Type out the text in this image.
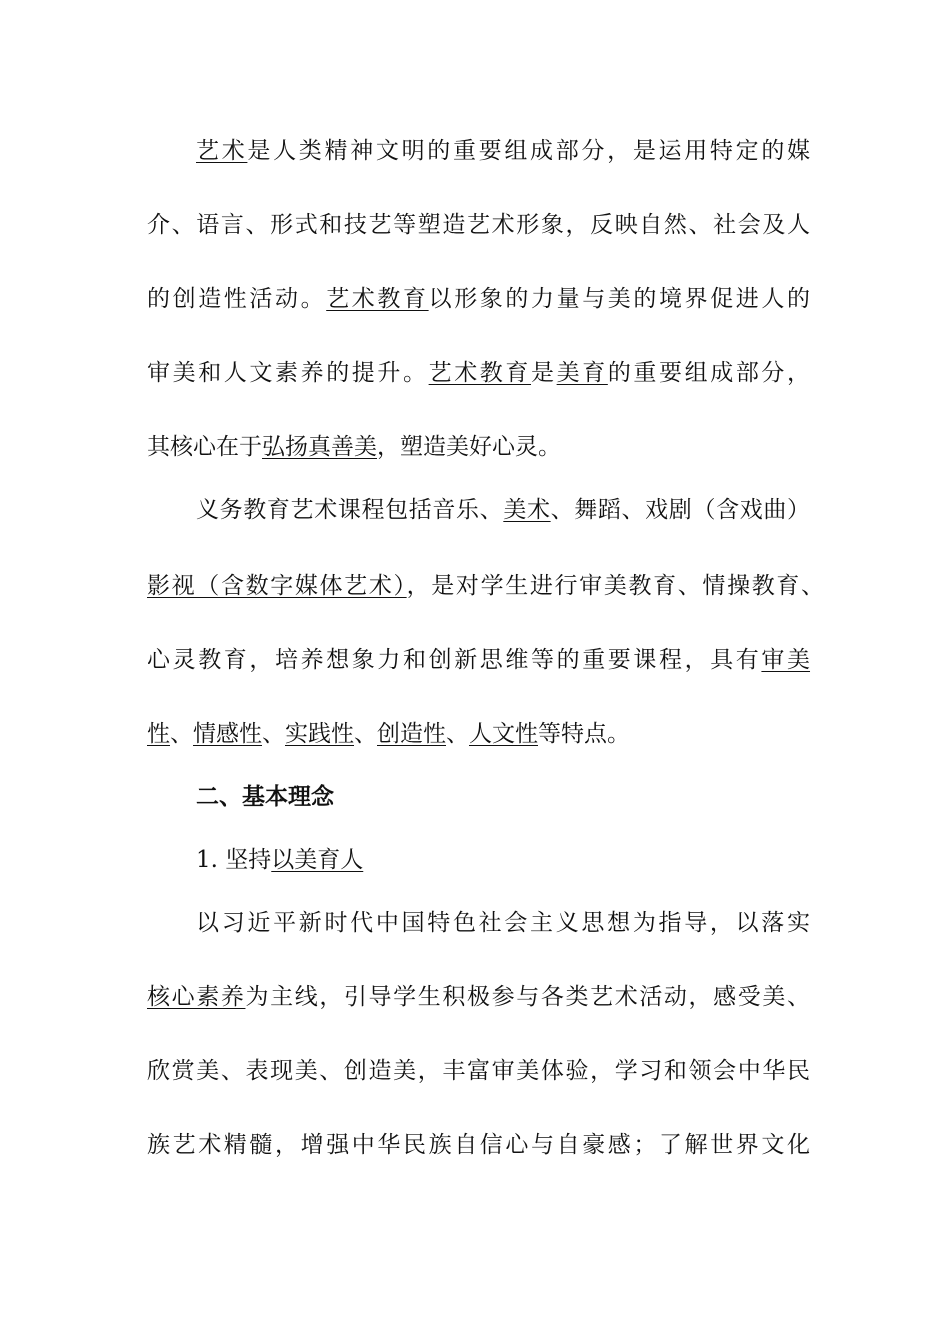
艺术是人类精神文明的重要组成部分，是运用特定的媒
介、语言、形式和技艺等塑造艺术形象，反映自然、社会及人
的创造性活动。艺术教育以形象的力量与美的境界促进人的
审美和人文素养的提升。艺术教育是美育的重要组成部分，
其核心在于弘扬真善美，塑造美好心灵。
义务教育艺术课程包括音乐、美术、舞蹈、戏剧（含戏曲）
影视（含数字媒体艺术），是对学生进行审美教育、情操教育、
心灵教育，培养想象力和创新思维等的重要课程，具有审美
性、情感性、实践性、创造性、人文性等特点。
二、基本理念
1. 坚持以美育人
以习近平新时代中国特色社会主义思想为指导，以落实
核心素养为主线，引导学生积极参与各类艺术活动，感受美、
欣赏美、表现美、创造美，丰富审美体验，学习和领会中华民
族艺术精髓，增强中华民族自信心与自豪感；了解世界文化
